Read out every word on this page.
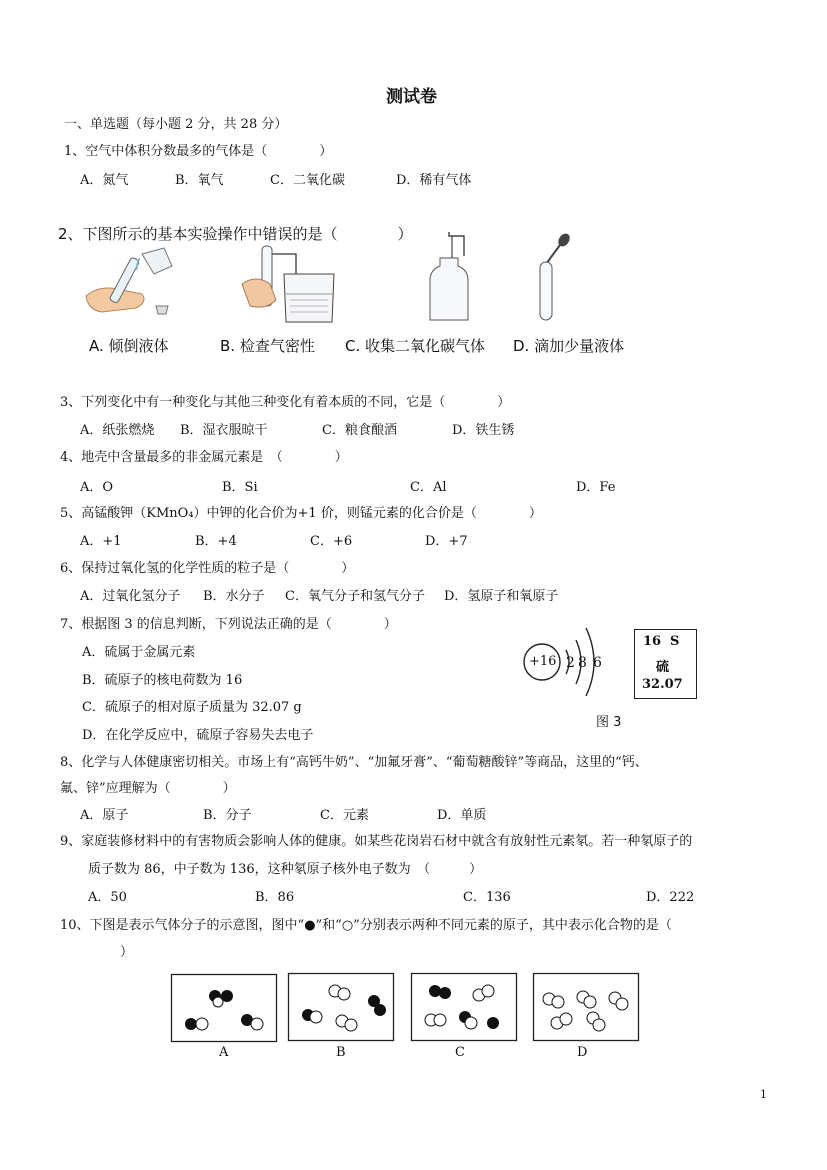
测试卷
一、单选题（每小题 2 分，共 28 分）
1、空气中体积分数最多的气体是（　　　　）
A．氮气	B．氧气	C．二氧化碳	D．稀有气体
2、下图所示的基本实验操作中错误的是（　　　　）
A. 倾倒液体	B. 检查气密性 C. 收集二氧化碳气体 D. 滴加少量液体
3、下列变化中有一种变化与其他三种变化有着本质的不同，它是（　　　　）
A．纸张燃烧 B．湿衣服晾干	C．粮食酿酒	D．铁生锈
4、地壳中含量最多的非金属元素是　（　　　　）
A．O	B．Si	C．Al	D．Fe
5、高锰酸钾（KMnO₄）中钾的化合价为+1 价，则锰元素的化合价是（　　　　）
A．+1	B．+4	C．+6	D．+7
6、保持过氧化氢的化学性质的粒子是（　　　　）
A．过氧化氢分子 B．水分子 C．氧气分子和氢气分子 D．氢原子和氧原子
7、根据图 3 的信息判断，下列说法正确的是（　　　　）
A．硫属于金属元素
B．硫原子的核电荷数为 16
C．硫原子的相对原子质量为 32.07 g
D．在化学反应中，硫原子容易失去电子
+16 2 8 6
16 S
硫
32.07
图 3
8、化学与人体健康密切相关。市场上有“高钙牛奶”、“加氟牙膏”、“葡萄糖酸锌”等商品，这里的“钙、
氟、锌”应理解为（　　　　）
A．原子	B．分子	C．元素	D．单质
9、家庭装修材料中的有害物质会影响人体的健康。如某些花岗岩石材中就含有放射性元素氡。若一种氡原子的
质子数为 86，中子数为 136，这种氡原子核外电子数为　（　　　）
A．50	B．86	C．136	D．222
10、下图是表示气体分子的示意图，图中“●”和“○”分别表示两种不同元素的原子，其中表示化合物的是（
）
A	B	C	D
1
